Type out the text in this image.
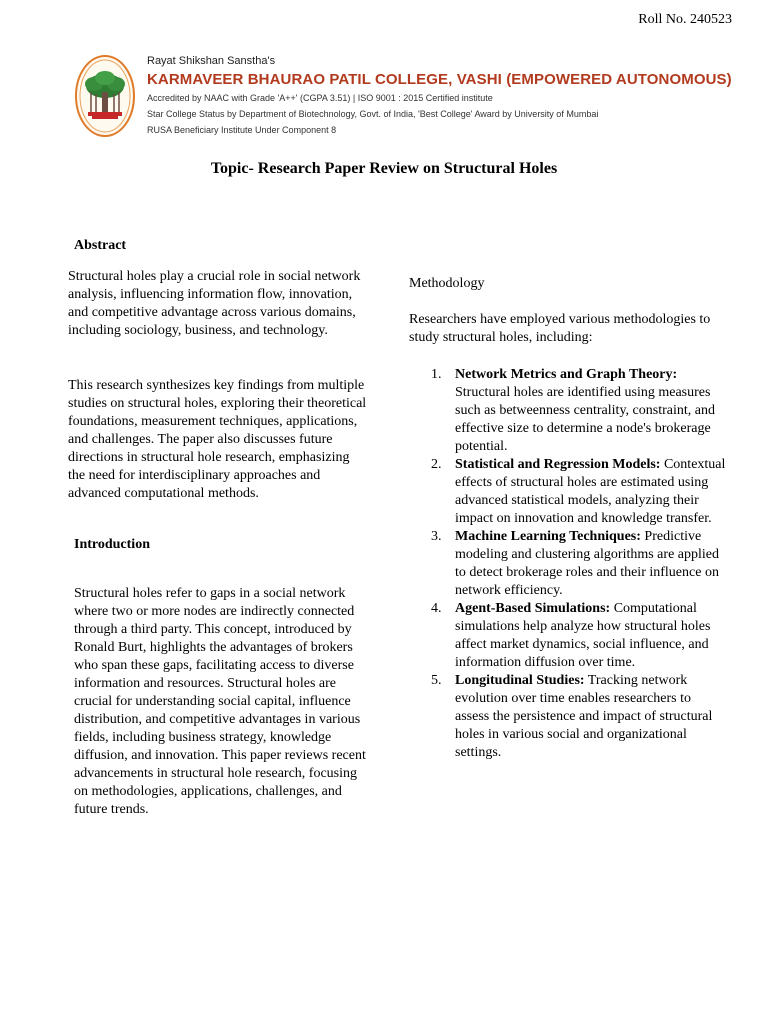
Roll No. 240523
Rayat Shikshan Sanstha's
KARMAVEER BHAURAO PATIL COLLEGE, VASHI (EMPOWERED AUTONOMOUS)
Accredited by NAAC with Grade 'A++' (CGPA 3.51) | ISO 9001 : 2015 Certified institute
Star College Status by Department of Biotechnology, Govt. of India, 'Best College' Award by University of Mumbai
RUSA Beneficiary Institute Under Component 8
Topic- Research Paper Review on Structural Holes
Abstract

Structural holes play a crucial role in social network analysis, influencing information flow, innovation, and competitive advantage across various domains, including sociology, business, and technology.

This research synthesizes key findings from multiple studies on structural holes, exploring their theoretical foundations, measurement techniques, applications, and challenges. The paper also discusses future directions in structural hole research, emphasizing the need for interdisciplinary approaches and advanced computational methods.

Introduction

Structural holes refer to gaps in a social network where two or more nodes are indirectly connected through a third party. This concept, introduced by Ronald Burt, highlights the advantages of brokers who span these gaps, facilitating access to diverse information and resources. Structural holes are crucial for understanding social capital, influence distribution, and competitive advantages in various fields, including business strategy, knowledge diffusion, and innovation. This paper reviews recent advancements in structural hole research, focusing on methodologies, applications, challenges, and future trends.

Methodology

Researchers have employed various methodologies to study structural holes, including:

1. Network Metrics and Graph Theory: Structural holes are identified using measures such as betweenness centrality, constraint, and effective size to determine a node's brokerage potential.
2. Statistical and Regression Models: Contextual effects of structural holes are estimated using advanced statistical models, analyzing their impact on innovation and knowledge transfer.
3. Machine Learning Techniques: Predictive modeling and clustering algorithms are applied to detect brokerage roles and their influence on network efficiency.
4. Agent-Based Simulations: Computational simulations help analyze how structural holes affect market dynamics, social influence, and information diffusion over time.
5. Longitudinal Studies: Tracking network evolution over time enables researchers to assess the persistence and impact of structural holes in various social and organizational settings.
